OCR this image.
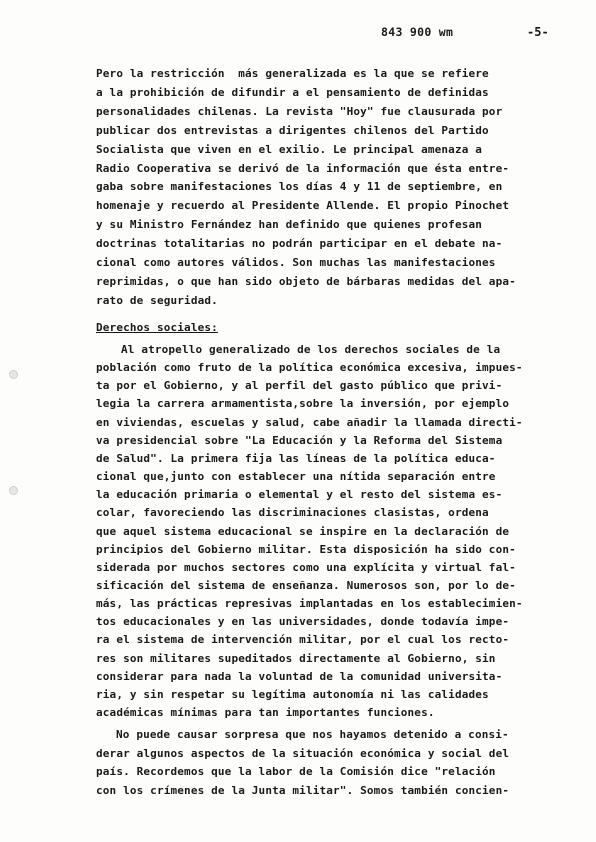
843 900 wm	-5-
Pero la restricción  más generalizada es la que se refiere
a la prohibición de difundir a el pensamiento de definidas
personalidades chilenas. La revista "Hoy" fue clausurada por
publicar dos entrevistas a dirigentes chilenos del Partido
Socialista que viven en el exilio. Le principal amenaza a
Radio Cooperativa se derivó de la información que ésta entre-
gaba sobre manifestaciones los días 4 y 11 de septiembre, en
homenaje y recuerdo al Presidente Allende. El propio Pinochet
y su Ministro Fernández han definido que quienes profesan
doctrinas totalitarias no podrán participar en el debate na-
cional como autores válidos. Son muchas las manifestaciones
reprimidas, o que han sido objeto de bárbaras medidas del apa-
rato de seguridad.
Derechos sociales:
Al atropello generalizado de los derechos sociales de la
población como fruto de la política económica excesiva, impues-
ta por el Gobierno, y al perfil del gasto público que privi-
legia la carrera armamentista,sobre la inversión, por ejemplo
en viviendas, escuelas y salud, cabe añadir la llamada directi-
va presidencial sobre "La Educación y la Reforma del Sistema
de Salud". La primera fija las líneas de la política educa-
cional que,junto con establecer una nítida separación entre
la educación primaria o elemental y el resto del sistema es-
colar, favoreciendo las discriminaciones clasistas, ordena
que aquel sistema educacional se inspire en la declaración de
principios del Gobierno militar. Esta disposición ha sido con-
siderada por muchos sectores como una explícita y virtual fal-
sificación del sistema de enseñanza. Numerosos son, por lo de-
más, las prácticas represivas implantadas en los establecimien-
tos educacionales y en las universidades, donde todavía impe-
ra el sistema de intervención militar, por el cual los recto-
res son militares supeditados directamente al Gobierno, sin
considerar para nada la voluntad de la comunidad universita-
ria, y sin respetar su legítima autonomía ni las calidades
académicas mínimas para tan importantes funciones.
No puede causar sorpresa que nos hayamos detenido a consi-
derar algunos aspectos de la situación económica y social del
país. Recordemos que la labor de la Comisión dice "relación
con los crímenes de la Junta militar". Somos también concien-
